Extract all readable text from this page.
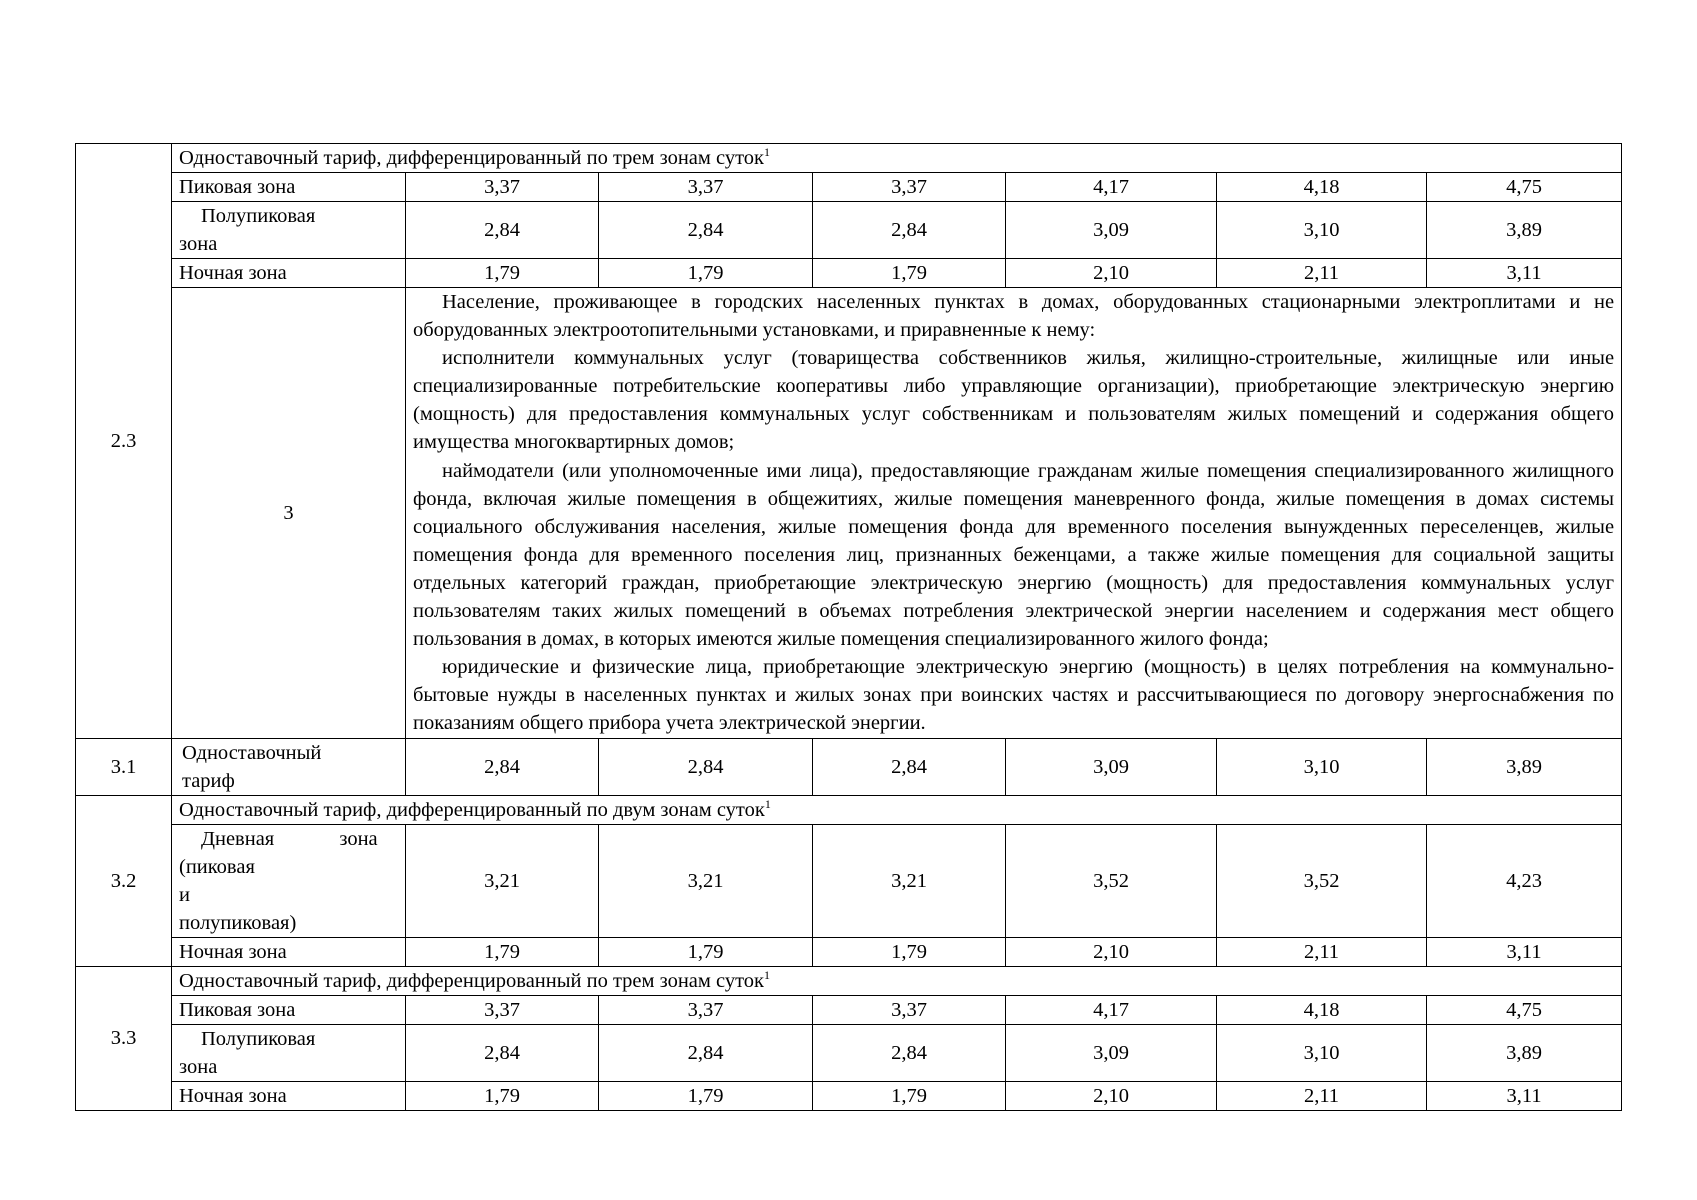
2.3	Одноставочный тариф, дифференцированный по трем зонам суток$^1$
	Пиковая зона	3,37	3,37	3,37	4,17	4,18	4,75
	Полупиковая
зона	2,84	2,84	2,84	3,09	3,10	3,89
	Ночная зона	1,79	1,79	1,79	2,10	2,11	3,11
	3	Население, проживающее в городских населенных пунктах в домах, оборудованных стационарными электроплитами и не оборудованных электроотопительными установками, и приравненные к нему:

исполнители коммунальных услуг (товарищества собственников жилья, жилищно-строительные, жилищные или иные специализированные потребительские кооперативы либо управляющие организации), приобретающие электрическую энергию (мощность) для предоставления коммунальных услуг собственникам и пользователям жилых помещений и содержания общего имущества многоквартирных домов;

наймодатели (или уполномоченные ими лица), предоставляющие гражданам жилые помещения специализированного жилищного фонда, включая жилые помещения в общежитиях, жилые помещения маневренного фонда, жилые помещения в домах системы социального обслуживания населения, жилые помещения фонда для временного поселения вынужденных переселенцев, жилые помещения фонда для временного поселения лиц, признанных беженцами, а также жилые помещения для социальной защиты отдельных категорий граждан, приобретающие электрическую энергию (мощность) для предоставления коммунальных услуг пользователям таких жилых помещений в объемах потребления электрической энергии населением и содержания мест общего пользования в домах, в которых имеются жилые помещения специализированного жилого фонда;

юридические и физические лица, приобретающие электрическую энергию (мощность) в целях потребления на коммунально-бытовые нужды в населенных пунктах и жилых зонах при воинских частях и рассчитывающиеся по договору энергоснабжения по показаниям общего прибора учета электрической энергии.					

3.1	Одноставочный
тариф	2,84	2,84	2,84	3,09	3,10	3,89
3.2	Одноставочный тариф, дифференцированный по двум зонам суток$^1$

	Дневная зона
(пиковая и
полупиковая)	3,21	3,21	3,21	3,52	3,52	4,23
	Ночная зона	1,79	1,79	1,79	2,10	2,11	3,11
3.3	Одноставочный тариф, дифференцированный по трем зонам суток$^1$
	Пиковая зона	3,37	3,37	3,37	4,17	4,18	4,75
	Полупиковая
зона	2,84	2,84	2,84	3,09	3,10	3,89
	Ночная зона	1,79	1,79	1,79	2,10	2,11	3,11
